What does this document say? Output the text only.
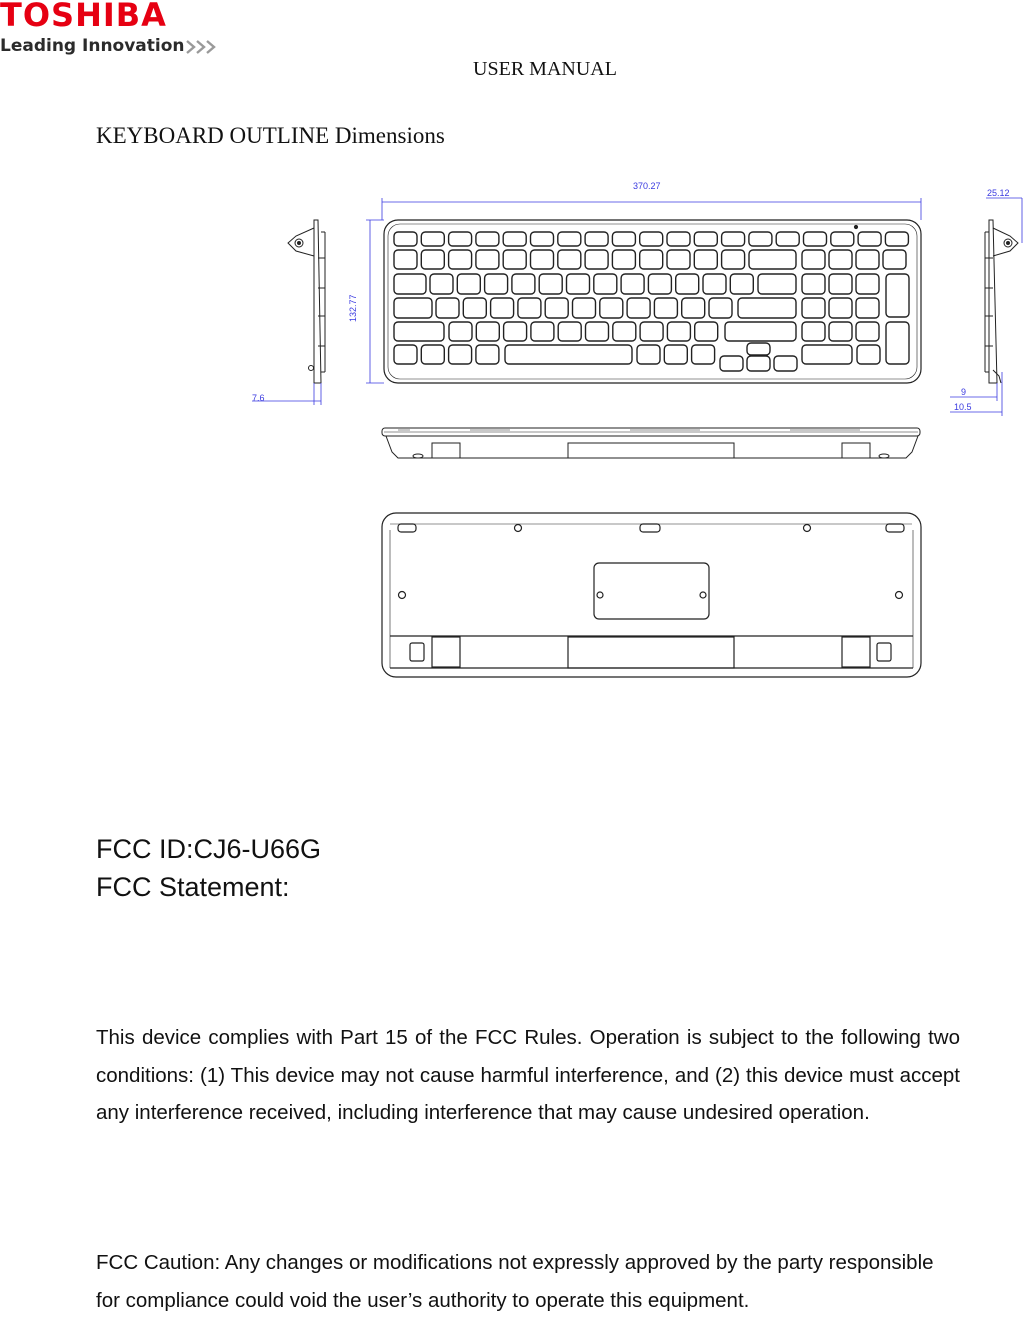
TOSHIBA
Leading Innovation
USER MANUAL
KEYBOARD OUTLINE Dimensions
370.27
132.77
7.6
25.12
9
10.5
FCC ID:CJ6-U66G
FCC Statement:

This device complies with Part 15 of the FCC Rules. Operation is subject to the following two conditions: (1) This device may not cause harmful interference, and (2) this device must accept any interference received, including interference that may cause undesired operation.

FCC Caution: Any changes or modifications not expressly approved by the party responsible for compliance could void the user’s authority to operate this equipment.
